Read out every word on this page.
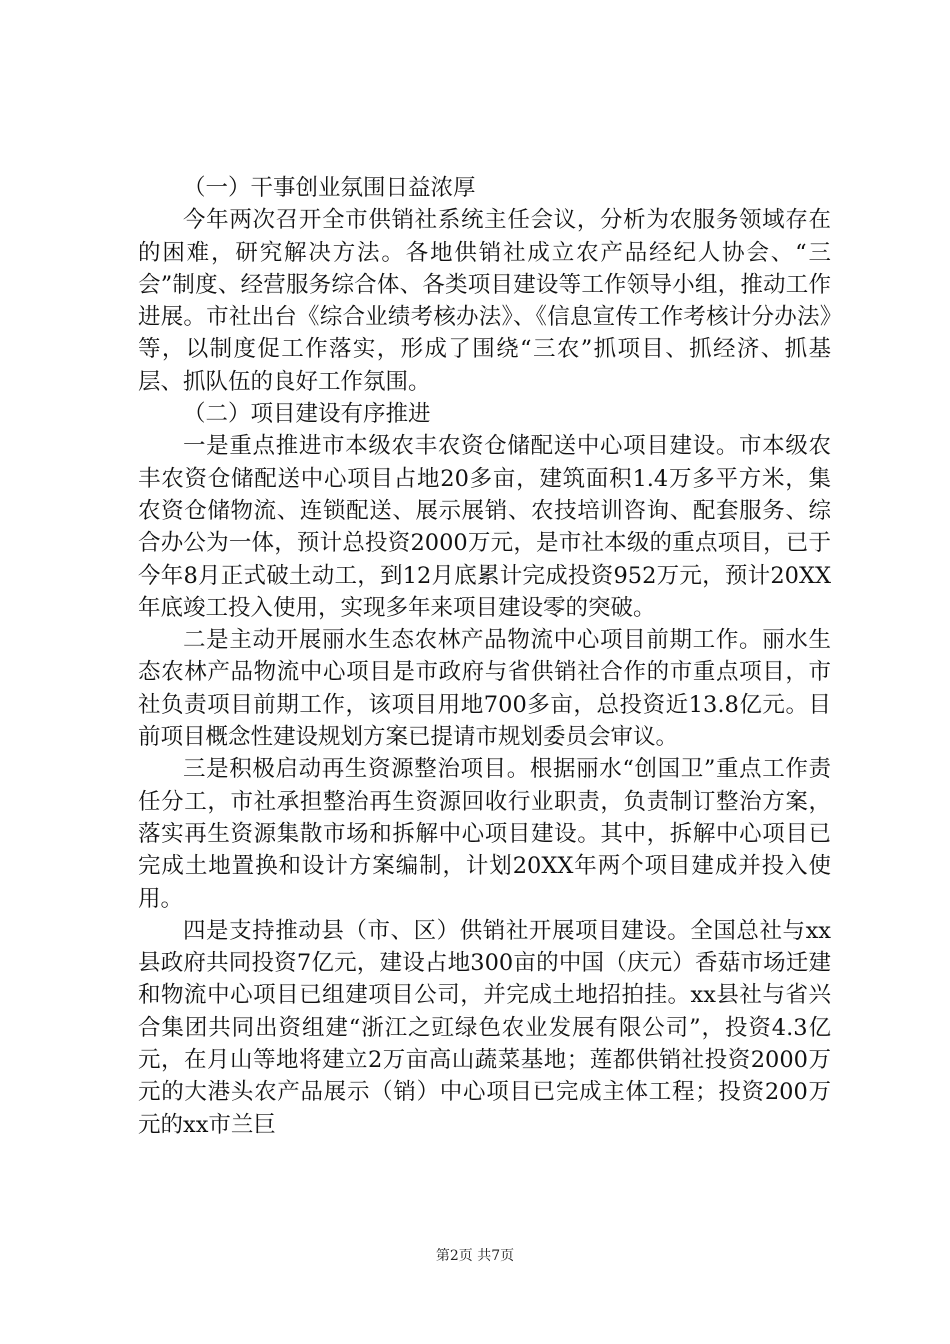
（一）干事创业氛围日益浓厚

今年两次召开全市供销社系统主任会议，分析为农服务领域存在的困难，研究解决方法。各地供销社成立农产品经纪人协会、“三会”制度、经营服务综合体、各类项目建设等工作领导小组，推动工作进展。市社出台《综合业绩考核办法》、《信息宣传工作考核计分办法》等，以制度促工作落实，形成了围绕“三农”抓项目、抓经济、抓基层、抓队伍的良好工作氛围。

（二）项目建设有序推进

一是重点推进市本级农丰农资仓储配送中心项目建设。市本级农丰农资仓储配送中心项目占地20多亩，建筑面积1.4万多平方米，集农资仓储物流、连锁配送、展示展销、农技培训咨询、配套服务、综合办公为一体，预计总投资2000万元，是市社本级的重点项目，已于今年8月正式破土动工，到12月底累计完成投资952万元，预计20XX年底竣工投入使用，实现多年来项目建设零的突破。

二是主动开展丽水生态农林产品物流中心项目前期工作。丽水生态农林产品物流中心项目是市政府与省供销社合作的市重点项目，市社负责项目前期工作，该项目用地700多亩，总投资近13.8亿元。目前项目概念性建设规划方案已提请市规划委员会审议。

三是积极启动再生资源整治项目。根据丽水“创国卫”重点工作责任分工，市社承担整治再生资源回收行业职责，负责制订整治方案，落实再生资源集散市场和拆解中心项目建设。其中，拆解中心项目已完成土地置换和设计方案编制，计划20XX年两个项目建成并投入使用。

四是支持推动县（市、区）供销社开展项目建设。全国总社与xx县政府共同投资7亿元，建设占地300亩的中国（庆元）香菇市场迁建和物流中心项目已组建项目公司，并完成土地招拍挂。xx县社与省兴合集团共同出资组建“浙江之豇绿色农业发展有限公司”，投资4.3亿元，在月山等地将建立2万亩高山蔬菜基地；莲都供销社投资2000万元的大港头农产品展示（销）中心项目已完成主体工程；投资200万元的xx市兰巨

第2页 共7页
